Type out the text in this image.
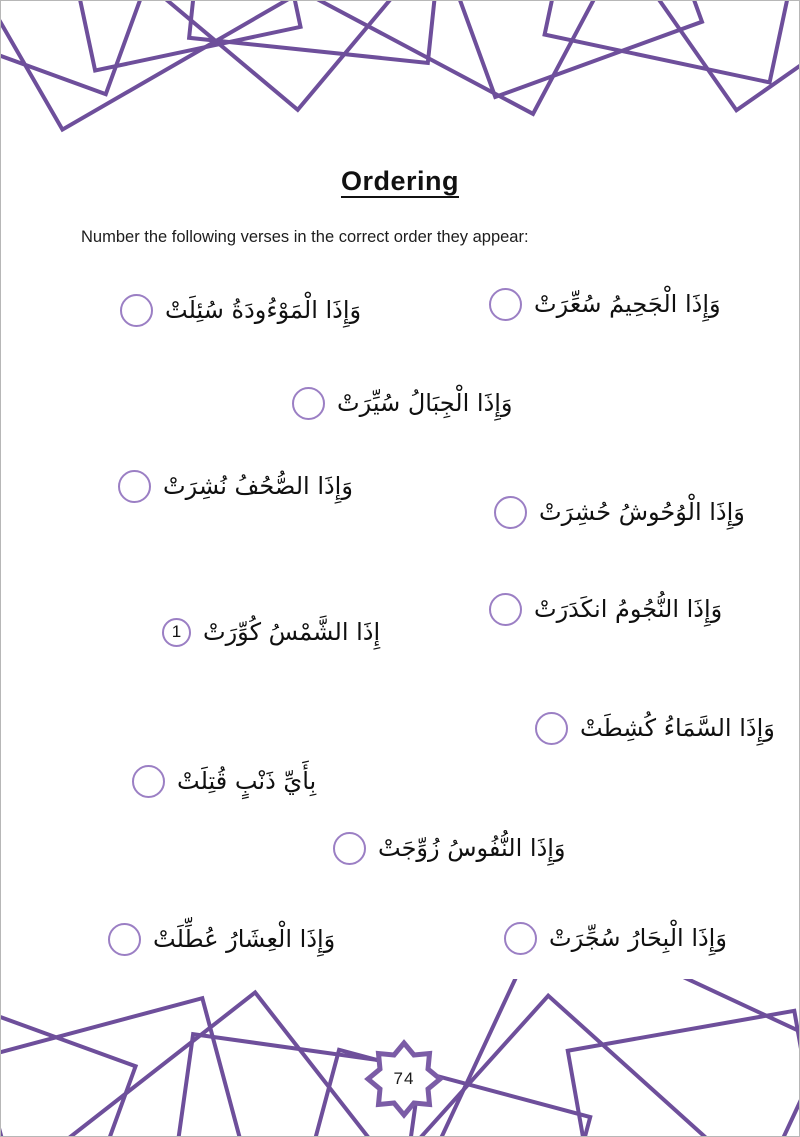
Ordering

Number the following verses in the correct order they appear:

وَإِذَا الْمَوْءُودَةُ سُئِلَتْ	وَإِذَا الْجَحِيمُ سُعِّرَتْ
وَإِذَا الْجِبَالُ سُيِّرَتْ
وَإِذَا الصُّحُفُ نُشِرَتْ
وَإِذَا الْوُحُوشُ حُشِرَتْ
وَإِذَا النُّجُومُ انكَدَرَتْ
1 إِذَا الشَّمْسُ كُوِّرَتْ
وَإِذَا السَّمَاءُ كُشِطَتْ
بِأَيِّ ذَنْبٍ قُتِلَتْ
وَإِذَا النُّفُوسُ زُوِّجَتْ
وَإِذَا الْعِشَارُ عُطِّلَتْ	وَإِذَا الْبِحَارُ سُجِّرَتْ
74
